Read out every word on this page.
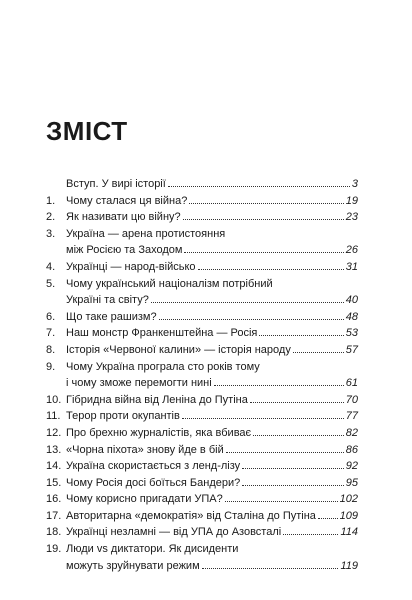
ЗМІСТ
Вступ. У вирі історії	3
1. Чому сталася ця війна?	19
2. Як називати цю війну?	23
3. Україна — арена протистояння
між Росією та Заходом	26
4. Українці — народ-військо	31
5. Чому український націоналізм потрібний
Україні та світу?	40
6. Що таке рашизм?	48
7. Наш монстр Франкенштейна — Росія	53
8. Історія «Червоної калини» — історія народу	57
9. Чому Україна програла сто років тому
і чому зможе перемогти нині	61
10. Гібридна війна від Леніна до Путіна	70
11. Терор проти окупантів	77
12. Про брехню журналістів, яка вбиває	82
13. «Чорна піхота» знову йде в бій	86
14. Україна скористається з ленд-лізу	92
15. Чому Росія досі боїться Бандери?	95
16. Чому корисно пригадати УПА?	102
17. Авторитарна «демократія» від Сталіна до Путіна 109
18. Українці незламні — від УПА до Азовсталі	114
19. Люди vs диктатори. Як дисиденти
можуть зруйнувати режим	119
